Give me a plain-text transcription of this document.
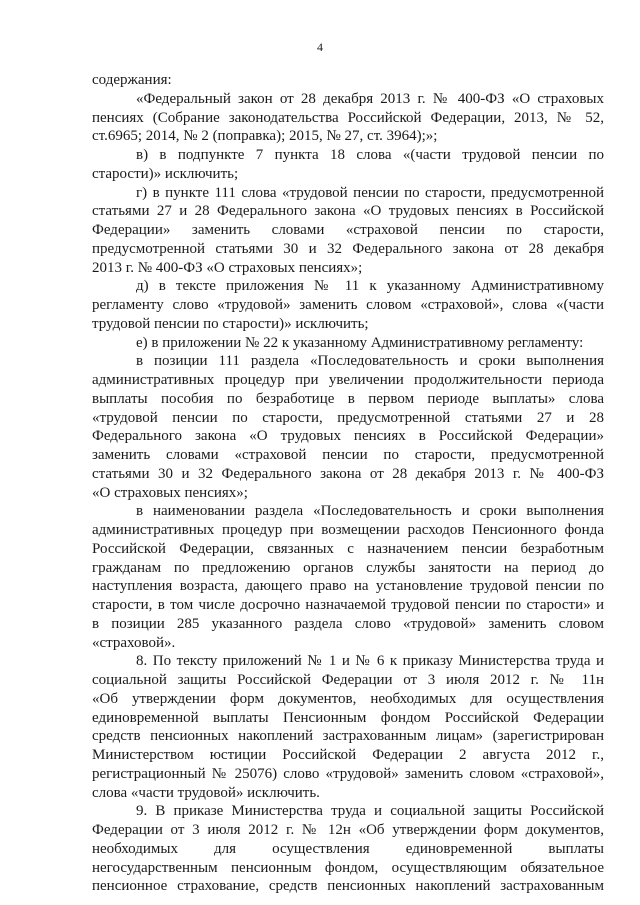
4
содержания:
«Федеральный закон от 28 декабря 2013 г. № 400-ФЗ «О страховых
пенсиях (Собрание законодательства Российской Федерации, 2013, № 52,
ст.6965; 2014, № 2 (поправка); 2015, № 27, ст. 3964);»;
в) в подпункте 7 пункта 18 слова «(части трудовой пенсии по
старости)» исключить;
г) в пункте 111 слова «трудовой пенсии по старости, предусмотренной
статьями 27 и 28 Федерального закона «О трудовых пенсиях в Российской
Федерации» заменить словами «страховой пенсии по старости,
предусмотренной статьями 30 и 32 Федерального закона от 28 декабря
2013 г. № 400-ФЗ «О страховых пенсиях»;
д) в тексте приложения № 11 к указанному Административному
регламенту слово «трудовой» заменить словом «страховой», слова «(части
трудовой пенсии по старости)» исключить;
е) в приложении № 22 к указанному Административному регламенту:
в позиции 111 раздела «Последовательность и сроки выполнения
административных процедур при увеличении продолжительности периода
выплаты пособия по безработице в первом периоде выплаты» слова
«трудовой пенсии по старости, предусмотренной статьями 27 и 28
Федерального закона «О трудовых пенсиях в Российской Федерации»
заменить словами «страховой пенсии по старости, предусмотренной
статьями 30 и 32 Федерального закона от 28 декабря 2013 г. № 400-ФЗ
«О страховых пенсиях»;
в наименовании раздела «Последовательность и сроки выполнения
административных процедур при возмещении расходов Пенсионного фонда
Российской Федерации, связанных с назначением пенсии безработным
гражданам по предложению органов службы занятости на период до
наступления возраста, дающего право на установление трудовой пенсии по
старости, в том числе досрочно назначаемой трудовой пенсии по старости» и
в позиции 285 указанного раздела слово «трудовой» заменить словом
«страховой».
8. По тексту приложений № 1 и № 6 к приказу Министерства труда и
социальной защиты Российской Федерации от 3 июля 2012 г. № 11н
«Об утверждении форм документов, необходимых для осуществления
единовременной выплаты Пенсионным фондом Российской Федерации
средств пенсионных накоплений застрахованным лицам» (зарегистрирован
Министерством юстиции Российской Федерации 2 августа 2012 г.,
регистрационный № 25076) слово «трудовой» заменить словом «страховой»,
слова «части трудовой» исключить.
9. В приказе Министерства труда и социальной защиты Российской
Федерации от 3 июля 2012 г. № 12н «Об утверждении форм документов,
необходимых для осуществления единовременной выплаты
негосударственным пенсионным фондом, осуществляющим обязательное
пенсионное страхование, средств пенсионных накоплений застрахованным
